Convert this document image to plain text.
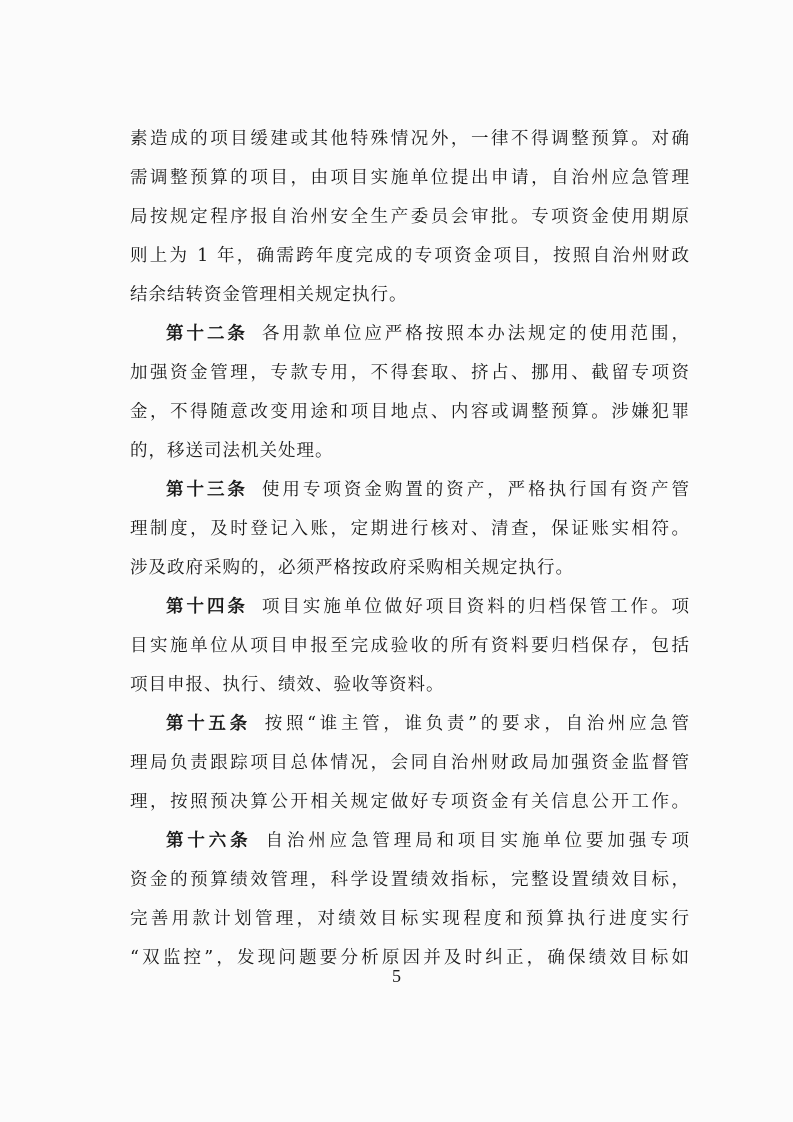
素造成的项目缓建或其他特殊情况外，一律不得调整预算。对确
需调整预算的项目，由项目实施单位提出申请，自治州应急管理
局按规定程序报自治州安全生产委员会审批。专项资金使用期原
则上为 1 年，确需跨年度完成的专项资金项目，按照自治州财政
结余结转资金管理相关规定执行。
第十二条 各用款单位应严格按照本办法规定的使用范围，
加强资金管理，专款专用，不得套取、挤占、挪用、截留专项资
金，不得随意改变用途和项目地点、内容或调整预算。涉嫌犯罪
的，移送司法机关处理。
第十三条 使用专项资金购置的资产，严格执行国有资产管
理制度，及时登记入账，定期进行核对、清查，保证账实相符。
涉及政府采购的，必须严格按政府采购相关规定执行。
第十四条 项目实施单位做好项目资料的归档保管工作。项
目实施单位从项目申报至完成验收的所有资料要归档保存，包括
项目申报、执行、绩效、验收等资料。
第十五条 按照“谁主管，谁负责”的要求，自治州应急管
理局负责跟踪项目总体情况，会同自治州财政局加强资金监督管
理，按照预决算公开相关规定做好专项资金有关信息公开工作。
第十六条 自治州应急管理局和项目实施单位要加强专项
资金的预算绩效管理，科学设置绩效指标，完整设置绩效目标，
完善用款计划管理，对绩效目标实现程度和预算执行进度实行
“双监控”，发现问题要分析原因并及时纠正，确保绩效目标如
5
